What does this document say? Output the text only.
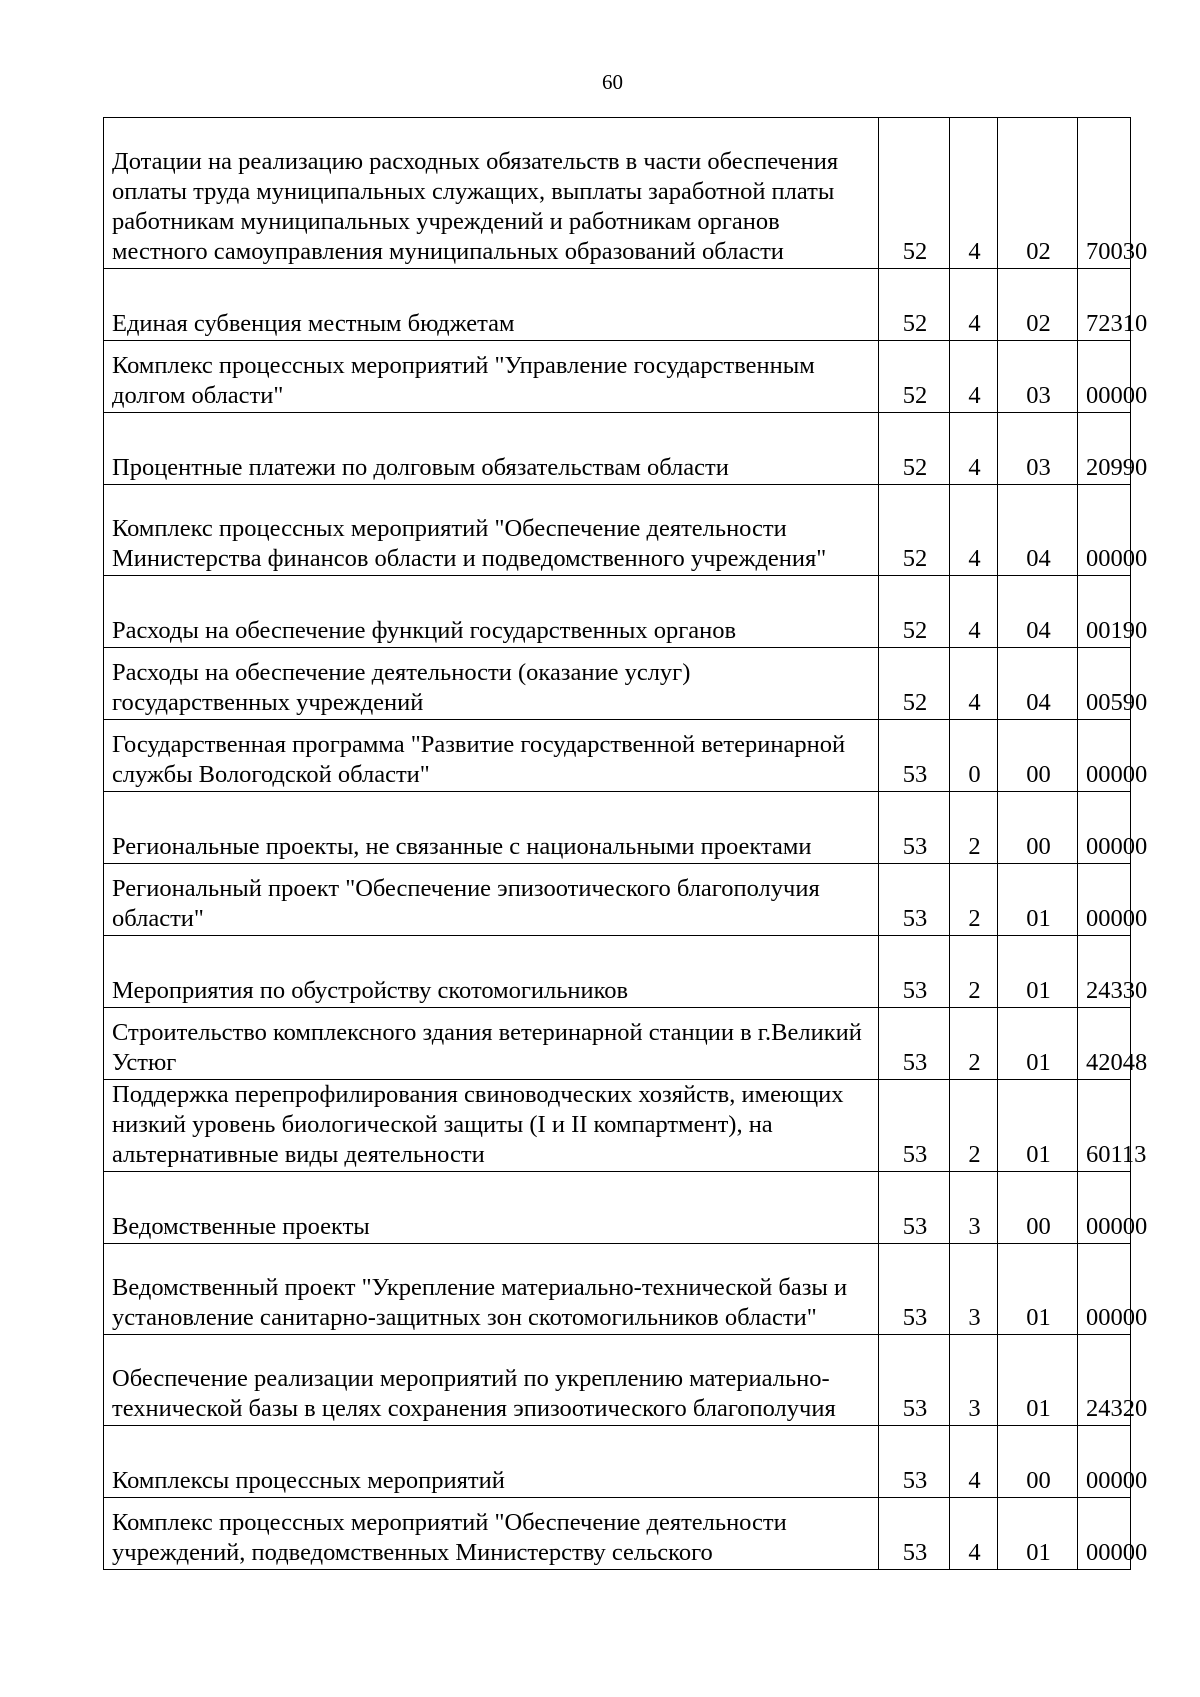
60
Дотации на реализацию расходных обязательств в части обеспечения оплаты труда муниципальных служащих, выплаты заработной платы работникам муниципальных учреждений и работникам органов местного самоуправления муниципальных образований области	52	4	02	70030
Единая субвенция местным бюджетам	52	4	02	72310
Комплекс процессных мероприятий "Управление государственным долгом области"	52	4	03	00000
Процентные платежи по долговым обязательствам области	52	4	03	20990
Комплекс процессных мероприятий "Обеспечение деятельности Министерства финансов области и подведомственного учреждения"	52	4	04	00000
Расходы на обеспечение функций государственных органов	52	4	04	00190
Расходы на обеспечение деятельности (оказание услуг) государственных учреждений	52	4	04	00590
Государственная программа "Развитие государственной ветеринарной службы Вологодской области"	53	0	00	00000
Региональные проекты, не связанные с национальными проектами	53	2	00	00000
Региональный проект "Обеспечение эпизоотического благополучия области"	53	2	01	00000
Мероприятия по обустройству скотомогильников	53	2	01	24330
Строительство комплексного здания ветеринарной станции в г.Великий Устюг	53	2	01	42048
Поддержка перепрофилирования свиноводческих хозяйств, имеющих низкий уровень биологической защиты (I и II компартмент), на альтернативные виды деятельности	53	2	01	60113
Ведомственные проекты	53	3	00	00000
Ведомственный проект "Укрепление материально-технической базы и установление санитарно-защитных зон скотомогильников области"	53	3	01	00000
Обеспечение реализации мероприятий по укреплению материально-технической базы в целях сохранения эпизоотического благополучия	53	3	01	24320
Комплексы процессных мероприятий	53	4	00	00000
Комплекс процессных мероприятий "Обеспечение деятельности учреждений, подведомственных Министерству сельского	53	4	01	00000
